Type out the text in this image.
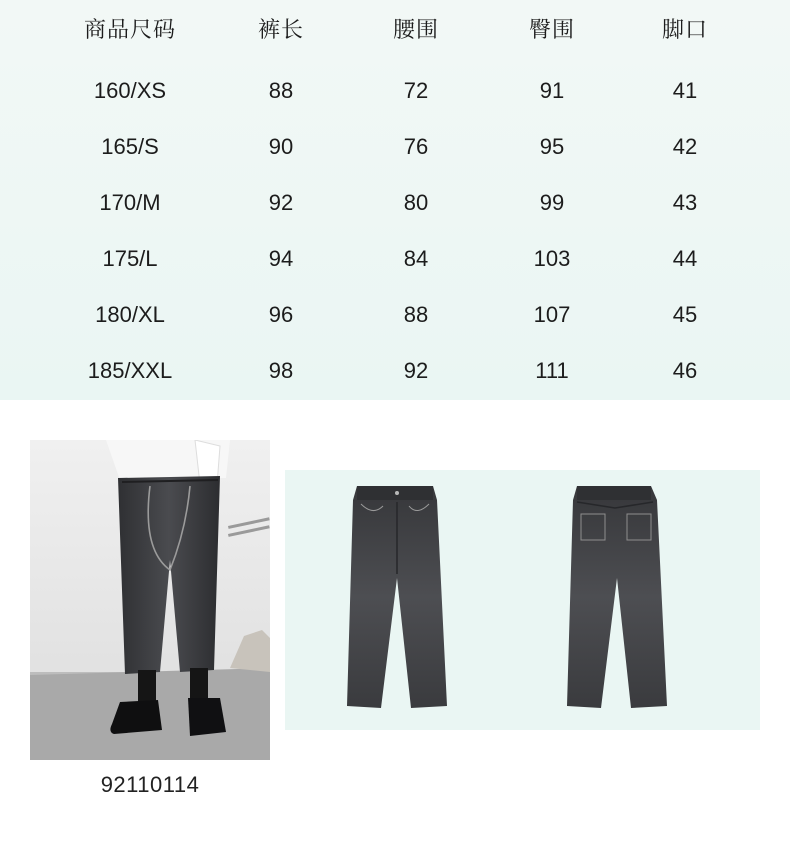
商品尺码	裤长	腰围	臀围	脚口
160/XS	88	72	91	41
165/S	90	76	95	42
170/M	92	80	99	43
175/L	94	84	103	44
180/XL	96	88	107	45
185/XXL	98	92	111	46
92110114
